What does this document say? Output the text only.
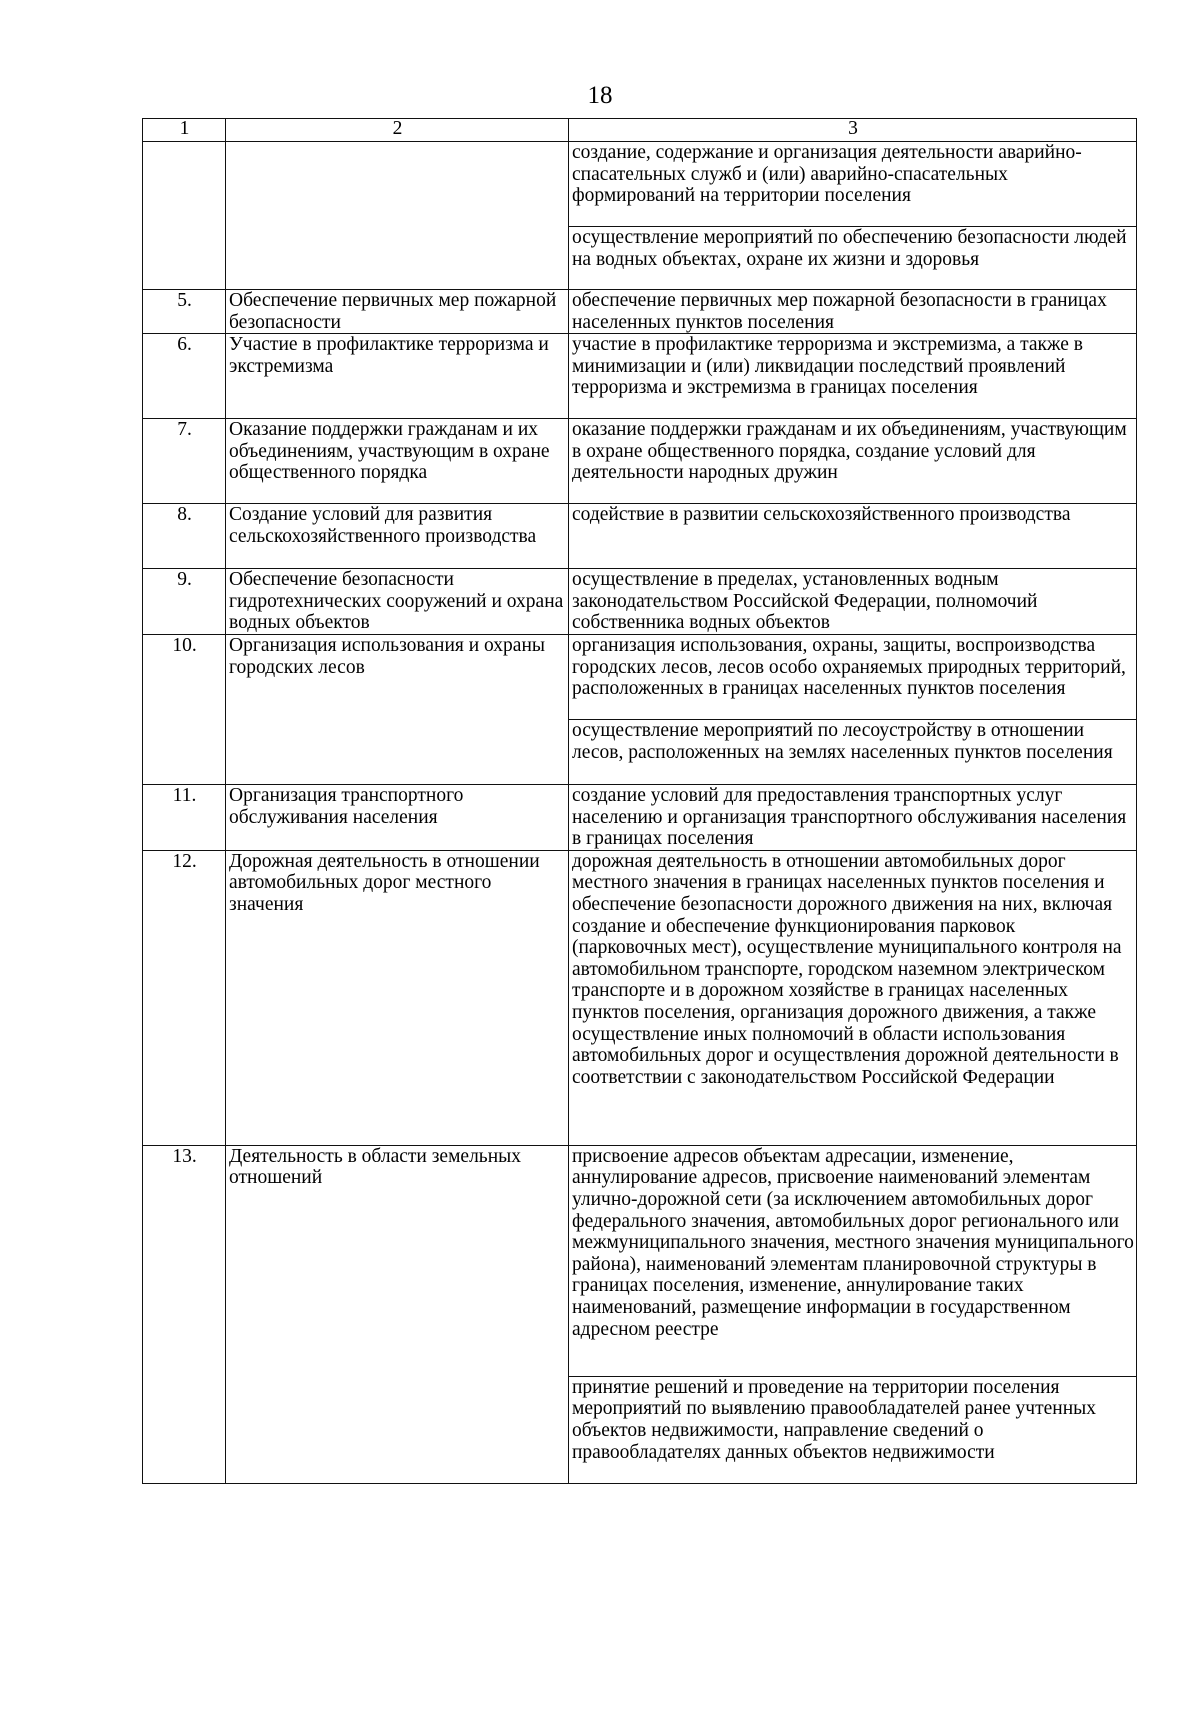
18
1	2	3
		создание, содержание и организация деятельности аварийно-спасательных служб и (или) аварийно-спасательных формирований на территории поселения
		осуществление мероприятий по обеспечению безопасности людей на водных объектах, охране их жизни и здоровья
5.	Обеспечение первичных мер пожарной безопасности	обеспечение первичных мер пожарной безопасности в границах населенных пунктов поселения
6.	Участие в профилактике терроризма и экстремизма	участие в профилактике терроризма и экстремизма, а также в минимизации и (или) ликвидации последствий проявлений терроризма и экстремизма в границах поселения
7.	Оказание поддержки гражданам и их объединениям, участвующим в охране общественного порядка	оказание поддержки гражданам и их объединениям, участвующим в охране общественного порядка, создание условий для деятельности народных дружин
8.	Создание условий для развития сельскохозяйственного производства	содействие в развитии сельскохозяйственного производства
9.	Обеспечение безопасности гидротехнических сооружений и охрана водных объектов	осуществление в пределах, установленных водным законодательством Российской Федерации, полномочий собственника водных объектов
10.	Организация использования и охраны городских лесов	организация использования, охраны, защиты, воспроизводства городских лесов, лесов особо охраняемых природных территорий, расположенных в границах населенных пунктов поселения
		осуществление мероприятий по лесоустройству в отношении лесов, расположенных на землях населенных пунктов поселения
11.	Организация транспортного обслуживания населения	создание условий для предоставления транспортных услуг населению и организация транспортного обслуживания населения в границах поселения
12.	Дорожная деятельность в отношении автомобильных дорог местного значения	дорожная деятельность в отношении автомобильных дорог местного значения в границах населенных пунктов поселения и обеспечение безопасности дорожного движения на них, включая создание и обеспечение функционирования парковок (парковочных мест), осуществление муниципального контроля на автомобильном транспорте, городском наземном электрическом транспорте и в дорожном хозяйстве в границах населенных пунктов поселения, организация дорожного движения, а также осуществление иных полномочий в области использования автомобильных дорог и осуществления дорожной деятельности в соответствии с законодательством Российской Федерации
13.	Деятельность в области земельных отношений	присвоение адресов объектам адресации, изменение, аннулирование адресов, присвоение наименований элементам улично-дорожной сети (за исключением автомобильных дорог федерального значения, автомобильных дорог регионального или межмуниципального значения, местного значения муниципального района), наименований элементам планировочной структуры в границах поселения, изменение, аннулирование таких наименований, размещение информации в государственном адресном реестре
		принятие решений и проведение на территории поселения мероприятий по выявлению правообладателей ранее учтенных объектов недвижимости, направление сведений о правообладателях данных объектов недвижимости
